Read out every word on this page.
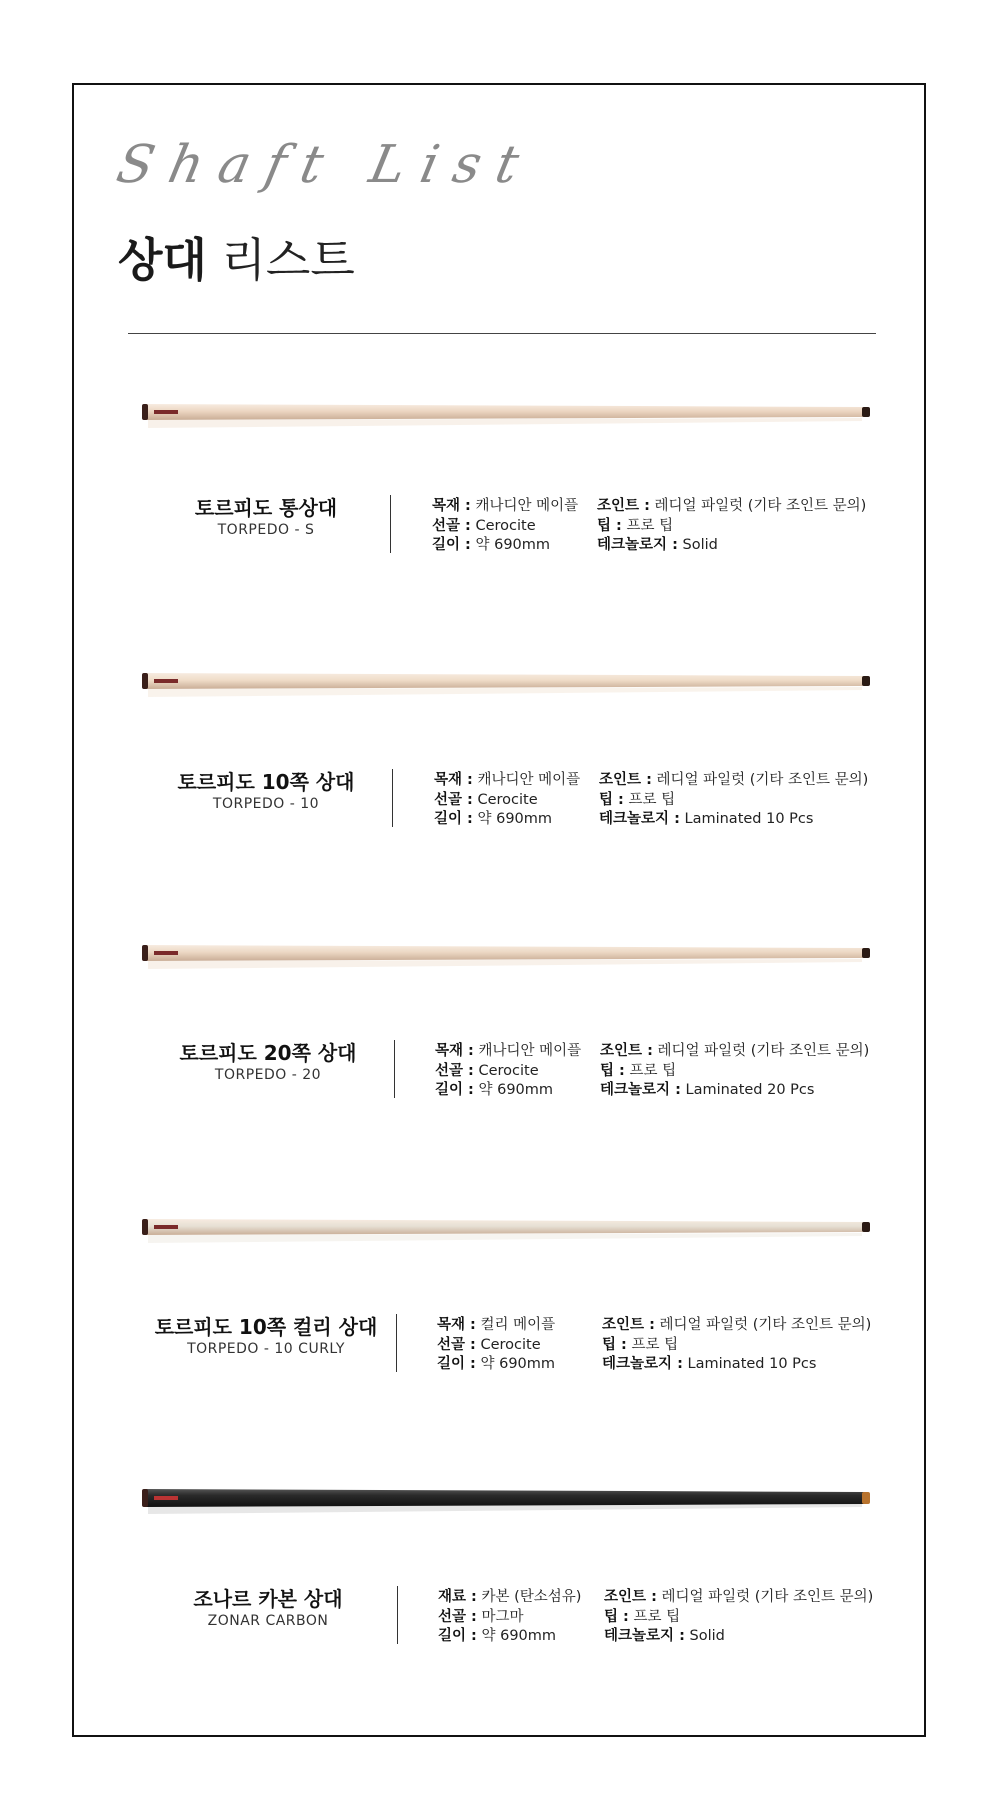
Shaft List
상대 리스트
토르피도 통상대
TORPEDO - S
목재 : 캐나디안 메이플
선골 : Cerocite
길이 : 약 690mm
조인트 : 레디얼 파일럿 (기타 조인트 문의)
팁 : 프로 팁
테크놀로지 : Solid
토르피도 10쪽 상대
TORPEDO - 10
목재 : 캐나디안 메이플
선골 : Cerocite
길이 : 약 690mm
조인트 : 레디얼 파일럿 (기타 조인트 문의)
팁 : 프로 팁
테크놀로지 : Laminated 10 Pcs
토르피도 20쪽 상대
TORPEDO - 20
목재 : 캐나디안 메이플
선골 : Cerocite
길이 : 약 690mm
조인트 : 레디얼 파일럿 (기타 조인트 문의)
팁 : 프로 팁
테크놀로지 : Laminated 20 Pcs
토르피도 10쪽 컬리 상대
TORPEDO - 10 CURLY
목재 : 컬리 메이플
선골 : Cerocite
길이 : 약 690mm
조인트 : 레디얼 파일럿 (기타 조인트 문의)
팁 : 프로 팁
테크놀로지 : Laminated 10 Pcs
조나르 카본 상대
ZONAR CARBON
재료 : 카본 (탄소섬유)
선골 : 마그마
길이 : 약 690mm
조인트 : 레디얼 파일럿 (기타 조인트 문의)
팁 : 프로 팁
테크놀로지 : Solid
